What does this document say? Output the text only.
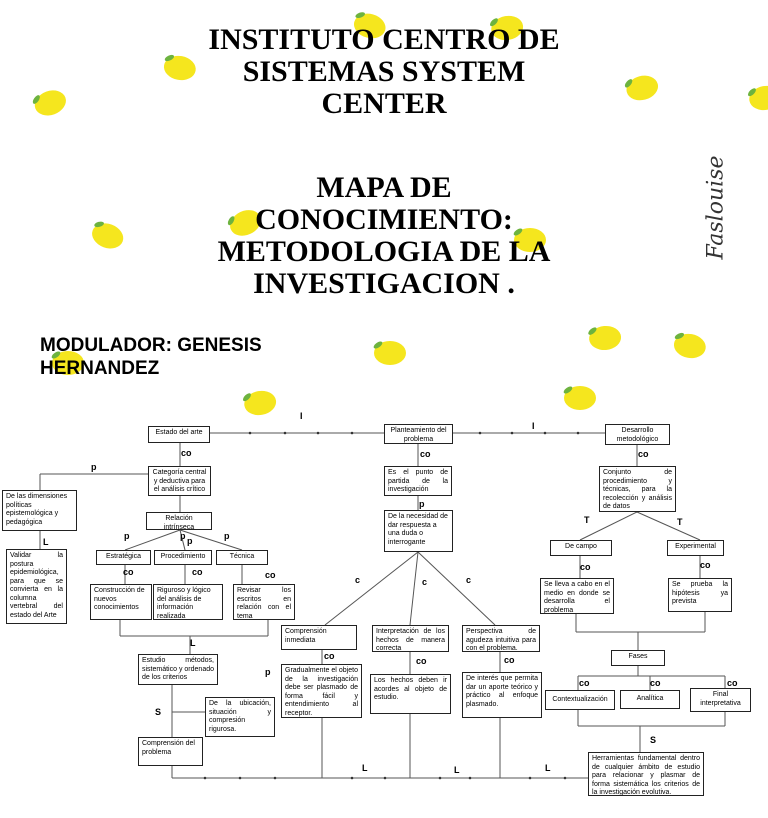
INSTITUTO CENTRO DE
SISTEMAS SYSTEM
CENTER
MAPA DE
CONOCIMIENTO:
METODOLOGIA DE LA
INVESTIGACION .
Faslouise
MODULADOR: GENESIS
HERNANDEZ
Estado del arte	Planteamiento del problema
Desarrollo metodológico
Categoría central y deductiva para el análisis crítico
De las dimensiones políticas epistemológica y pedagógica
Validar la postura epidemiológica, para que se convierta en la columna vertebral del estado del Arte
Relación intrínseca
Estratégica	Procedimiento	Técnica
Construcción de nuevos conocimientos
Riguroso y lógico del análisis de información realizada
Revisar los escritos en relación con el tema
Estudio métodos, sistemático y ordenado de los criterios
De la ubicación, situación y compresión rigurosa.
Comprensión del problema
Es el punto de partida de la investigación
De la necesidad de dar respuesta a una duda o interrogante
Comprensión inmediata
Gradualmente el objeto de la investigación debe ser plasmado de forma fácil y entendimiento al receptor.
Interpretación de los hechos de manera correcta
Los hechos deben ir acordes al objeto de estudio.
Perspectiva de agudeza intuitiva para con el problema.
De interés que permita dar un aporte teórico y práctico al enfoque plasmado.
Conjunto de procedimiento y técnicas, para la recolección y análisis de datos
De campo	Experimental
Se lleva a cabo en el medio en donde se desarrolla el problema
Se prueba la hipótesis ya prevista
Fases
Contextualización	Analítica
Final interpretativa
Herramientas fundamental dentro de cualquier ámbito de estudio para relacionar y plasmar de forma sistemática los criterios de la investigación evolutiva.
co	co	co
I
I
p
p	p	p
p
p
p
L
L
L	L	L
co	co	co
S
S
c	c	c
co	co	co
T	T
co	co
co	co	co
